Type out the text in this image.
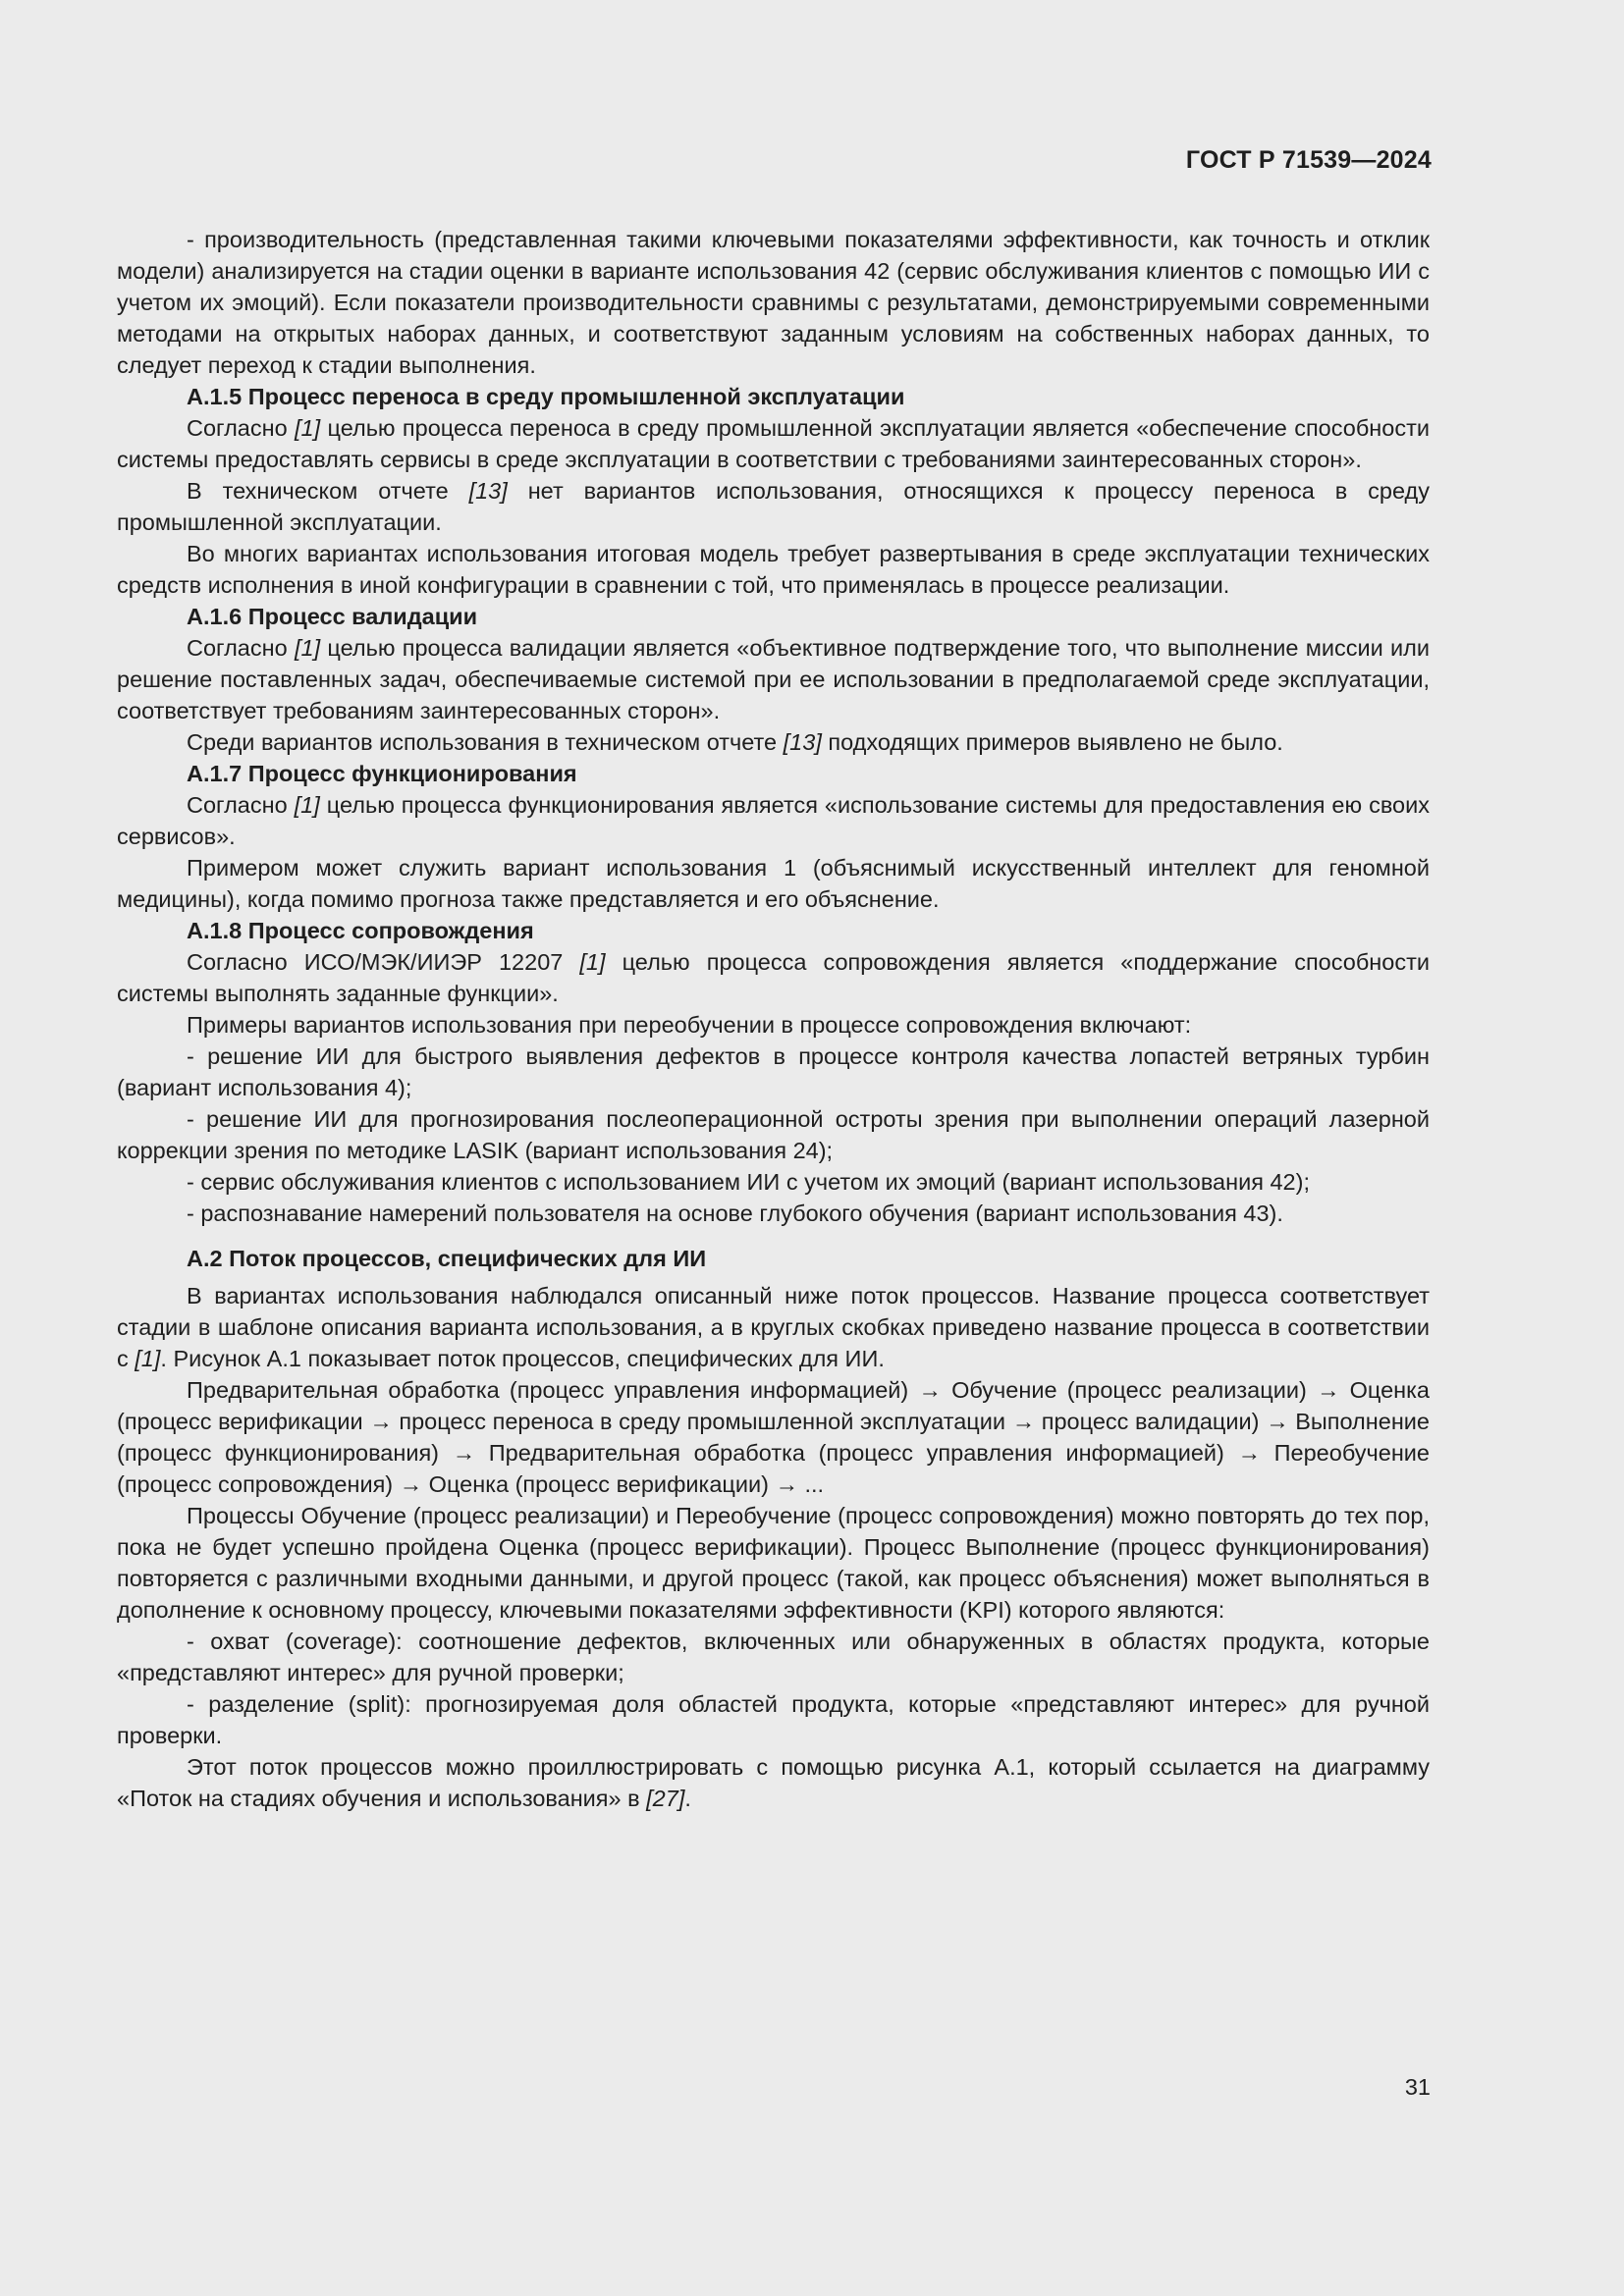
ГОСТ Р 71539—2024

- производительность (представленная такими ключевыми показателями эффективности, как точность и отклик модели) анализируется на стадии оценки в варианте использования 42 (сервис обслуживания клиентов с помощью ИИ с учетом их эмоций). Если показатели производительности сравнимы с результатами, демонстрируемыми современными методами на открытых наборах данных, и соответствуют заданным условиям на собственных наборах данных, то следует переход к стадии выполнения.

А.1.5 Процесс переноса в среду промышленной эксплуатации

Согласно [1] целью процесса переноса в среду промышленной эксплуатации является «обеспечение способности системы предоставлять сервисы в среде эксплуатации в соответствии с требованиями заинтересованных сторон».

В техническом отчете [13] нет вариантов использования, относящихся к процессу переноса в среду промышленной эксплуатации.

Во многих вариантах использования итоговая модель требует развертывания в среде эксплуатации технических средств исполнения в иной конфигурации в сравнении с той, что применялась в процессе реализации.

А.1.6 Процесс валидации

Согласно [1] целью процесса валидации является «объективное подтверждение того, что выполнение миссии или решение поставленных задач, обеспечиваемые системой при ее использовании в предполагаемой среде эксплуатации, соответствует требованиям заинтересованных сторон».

Среди вариантов использования в техническом отчете [13] подходящих примеров выявлено не было.

А.1.7 Процесс функционирования

Согласно [1] целью процесса функционирования является «использование системы для предоставления ею своих сервисов».

Примером может служить вариант использования 1 (объяснимый искусственный интеллект для геномной медицины), когда помимо прогноза также представляется и его объяснение.

А.1.8 Процесс сопровождения

Согласно ИСО/МЭК/ИИЭР 12207 [1] целью процесса сопровождения является «поддержание способности системы выполнять заданные функции».

Примеры вариантов использования при переобучении в процессе сопровождения включают:

- решение ИИ для быстрого выявления дефектов в процессе контроля качества лопастей ветряных турбин (вариант использования 4);

- решение ИИ для прогнозирования послеоперационной остроты зрения при выполнении операций лазерной коррекции зрения по методике LASIK (вариант использования 24);

- сервис обслуживания клиентов с использованием ИИ с учетом их эмоций (вариант использования 42);

- распознавание намерений пользователя на основе глубокого обучения (вариант использования 43).

А.2 Поток процессов, специфических для ИИ

В вариантах использования наблюдался описанный ниже поток процессов. Название процесса соответствует стадии в шаблоне описания варианта использования, а в круглых скобках приведено название процесса в соответствии с [1]. Рисунок А.1 показывает поток процессов, специфических для ИИ.

Предварительная обработка (процесс управления информацией) → Обучение (процесс реализации) → Оценка (процесс верификации → процесс переноса в среду промышленной эксплуатации → процесс валидации) → Выполнение (процесс функционирования) → Предварительная обработка (процесс управления информацией) → Переобучение (процесс сопровождения) → Оценка (процесс верификации) → ...

Процессы Обучение (процесс реализации) и Переобучение (процесс сопровождения) можно повторять до тех пор, пока не будет успешно пройдена Оценка (процесс верификации). Процесс Выполнение (процесс функционирования) повторяется с различными входными данными, и другой процесс (такой, как процесс объяснения) может выполняться в дополнение к основному процессу, ключевыми показателями эффективности (KPI) которого являются:

- охват (coverage): соотношение дефектов, включенных или обнаруженных в областях продукта, которые «представляют интерес» для ручной проверки;

- разделение (split): прогнозируемая доля областей продукта, которые «представляют интерес» для ручной проверки.

Этот поток процессов можно проиллюстрировать с помощью рисунка А.1, который ссылается на диаграмму «Поток на стадиях обучения и использования» в [27].

31
